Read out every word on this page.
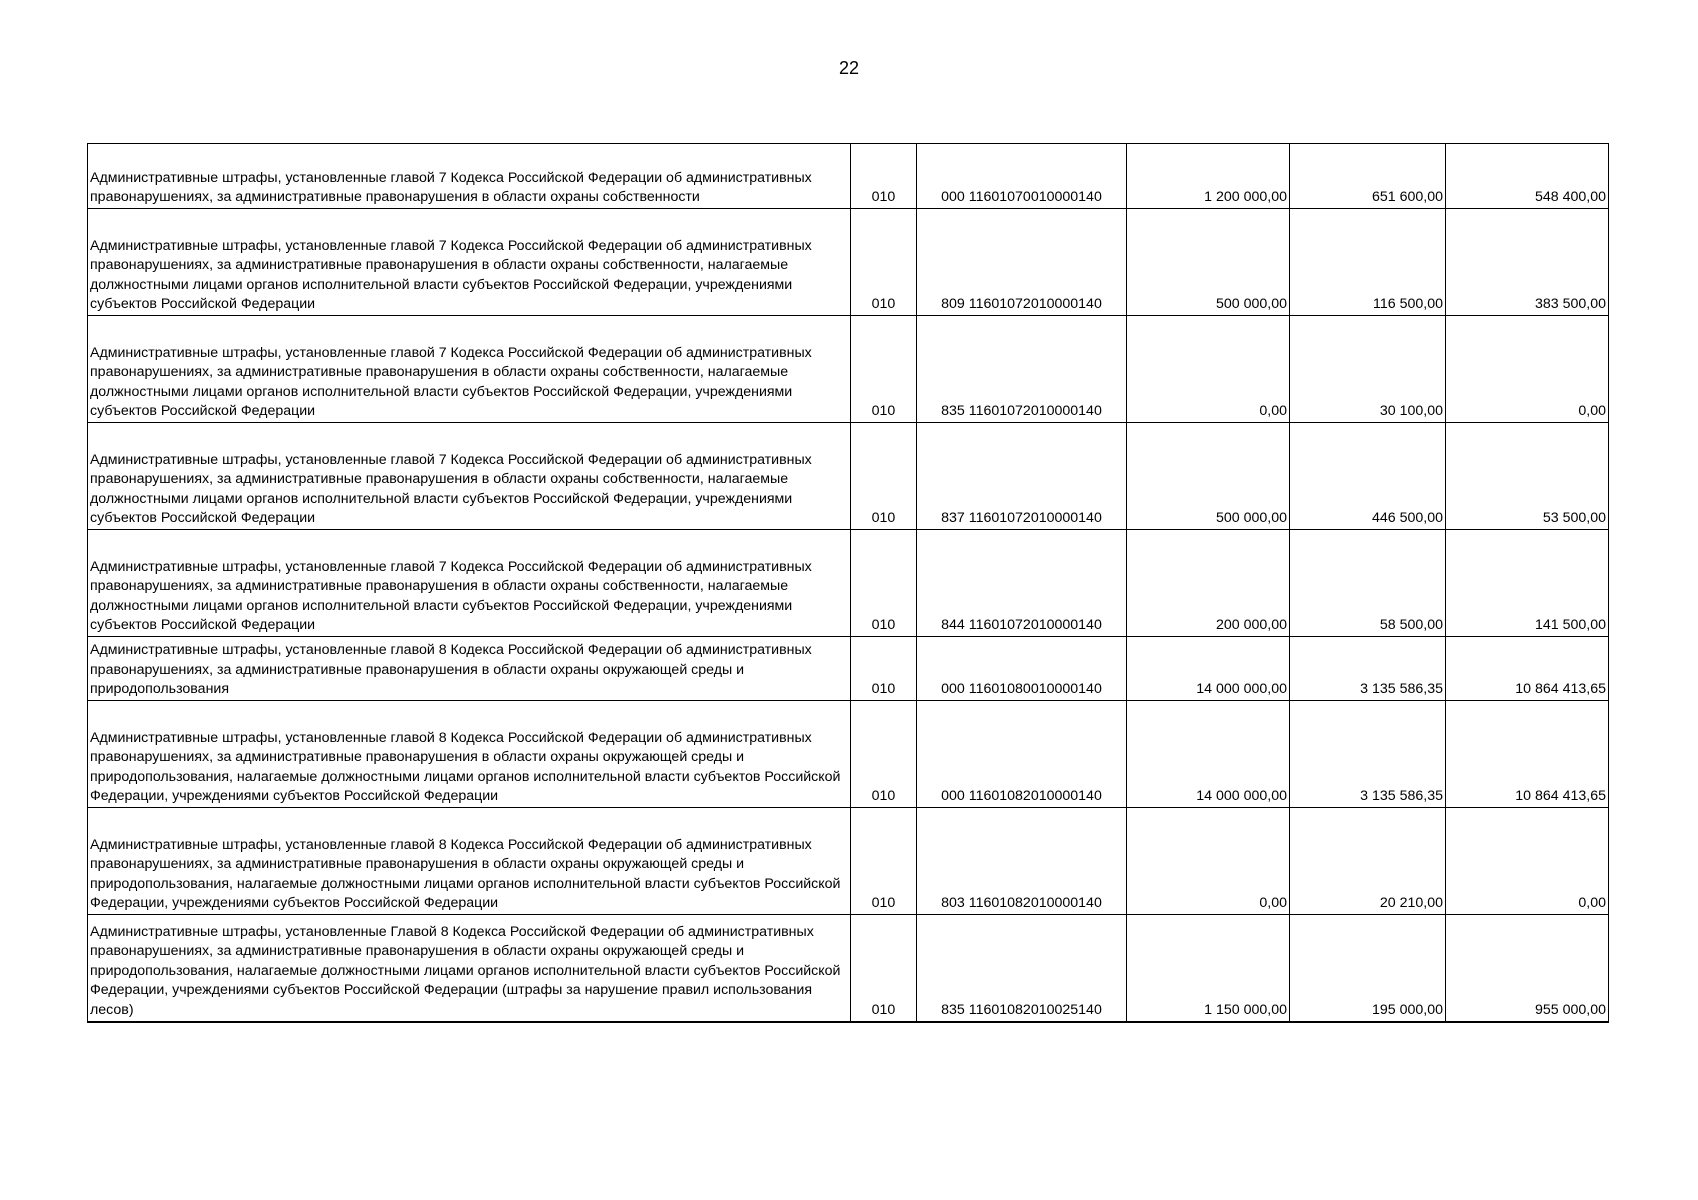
22
Административные штрафы, установленные главой 7 Кодекса Российской Федерации об административных правонарушениях, за административные правонарушения в области охраны собственности	010	000 11601070010000140	1 200 000,00	651 600,00	548 400,00
Административные штрафы, установленные главой 7 Кодекса Российской Федерации об административных правонарушениях, за административные правонарушения в области охраны собственности, налагаемые должностными лицами органов исполнительной власти субъектов Российской Федерации, учреждениями субъектов Российской Федерации	010	809 11601072010000140	500 000,00	116 500,00	383 500,00
Административные штрафы, установленные главой 7 Кодекса Российской Федерации об административных правонарушениях, за административные правонарушения в области охраны собственности, налагаемые должностными лицами органов исполнительной власти субъектов Российской Федерации, учреждениями субъектов Российской Федерации	010	835 11601072010000140	0,00	30 100,00	0,00
Административные штрафы, установленные главой 7 Кодекса Российской Федерации об административных правонарушениях, за административные правонарушения в области охраны собственности, налагаемые должностными лицами органов исполнительной власти субъектов Российской Федерации, учреждениями субъектов Российской Федерации	010	837 11601072010000140	500 000,00	446 500,00	53 500,00
Административные штрафы, установленные главой 7 Кодекса Российской Федерации об административных правонарушениях, за административные правонарушения в области охраны собственности, налагаемые должностными лицами органов исполнительной власти субъектов Российской Федерации, учреждениями субъектов Российской Федерации	010	844 11601072010000140	200 000,00	58 500,00	141 500,00
Административные штрафы, установленные главой 8 Кодекса Российской Федерации об административных правонарушениях, за административные правонарушения в области охраны окружающей среды и природопользования	010	000 11601080010000140	14 000 000,00	3 135 586,35	10 864 413,65
Административные штрафы, установленные главой 8 Кодекса Российской Федерации об административных правонарушениях, за административные правонарушения в области охраны окружающей среды и природопользования, налагаемые должностными лицами органов исполнительной власти субъектов Российской Федерации, учреждениями субъектов Российской Федерации	010	000 11601082010000140	14 000 000,00	3 135 586,35	10 864 413,65
Административные штрафы, установленные главой 8 Кодекса Российской Федерации об административных правонарушениях, за административные правонарушения в области охраны окружающей среды и природопользования, налагаемые должностными лицами органов исполнительной власти субъектов Российской Федерации, учреждениями субъектов Российской Федерации	010	803 11601082010000140	0,00	20 210,00	0,00
Административные штрафы, установленные Главой 8 Кодекса Российской Федерации об административных правонарушениях, за административные правонарушения в области охраны окружающей среды и природопользования, налагаемые должностными лицами органов исполнительной власти субъектов Российской Федерации, учреждениями субъектов Российской Федерации (штрафы за нарушение правил использования лесов)	010	835 11601082010025140	1 150 000,00	195 000,00	955 000,00
